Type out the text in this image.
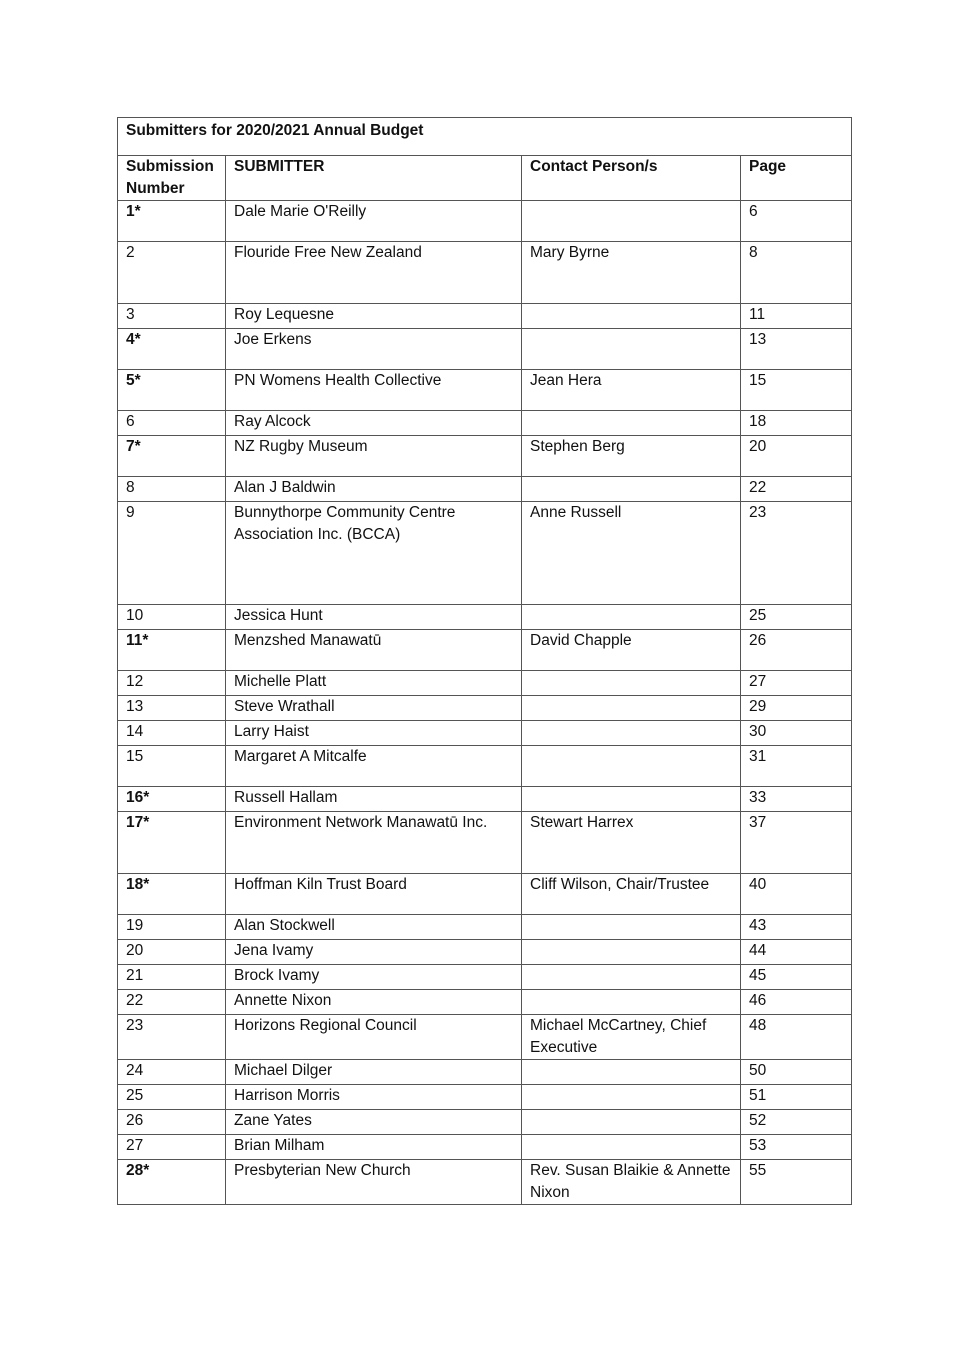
Submitters for 2020/2021 Annual Budget			
Submission Number	SUBMITTER	Contact Person/s	Page
1*	Dale Marie O'Reilly		6
2	Flouride Free New Zealand	Mary Byrne	8
3	Roy Lequesne		11
4*	Joe Erkens		13
5*	PN Womens Health Collective	Jean Hera	15
6	Ray Alcock		18
7*	NZ Rugby Museum	Stephen Berg	20
8	Alan J Baldwin		22
9	Bunnythorpe Community Centre Association Inc. (BCCA)	Anne Russell	23
10	Jessica Hunt		25
11*	Menzshed Manawatū	David Chapple	26
12	Michelle Platt		27
13	Steve Wrathall		29
14	Larry Haist		30
15	Margaret A Mitcalfe		31
16*	Russell Hallam		33
17*	Environment Network Manawatū Inc.	Stewart Harrex	37
18*	Hoffman Kiln Trust Board	Cliff Wilson, Chair/Trustee	40
19	Alan Stockwell		43
20	Jena Ivamy		44
21	Brock Ivamy		45
22	Annette Nixon		46
23	Horizons Regional Council	Michael McCartney, Chief Executive	48
24	Michael Dilger		50
25	Harrison Morris		51
26	Zane Yates		52
27	Brian Milham		53
28*	Presbyterian New Church	Rev. Susan Blaikie & Annette Nixon	55
